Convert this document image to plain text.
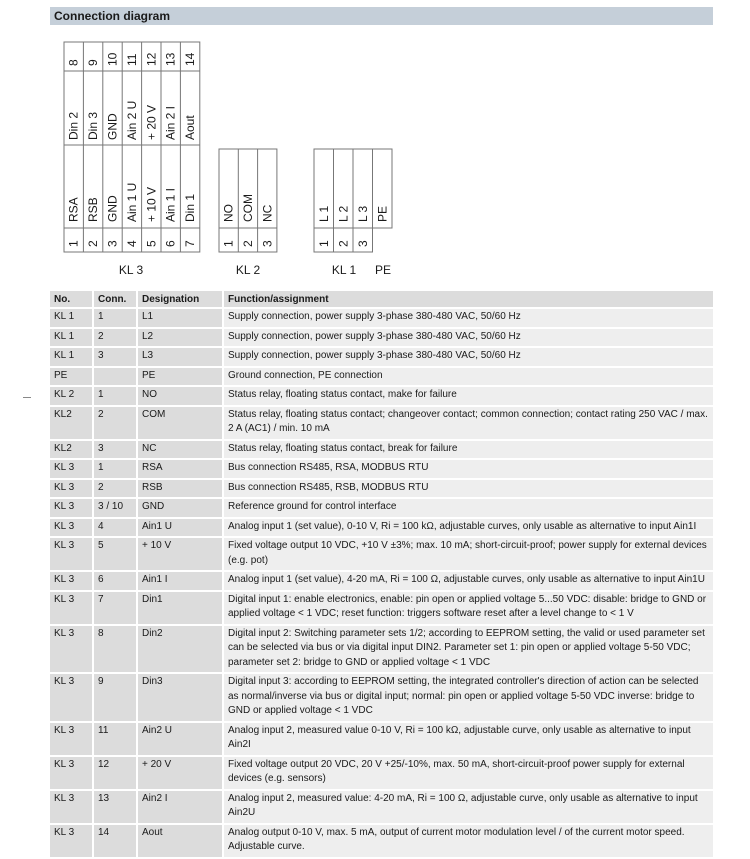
Connection diagram
8
Din 2
RSA
1
9
Din 3
RSB
2
10
GND
GND
3
11
Ain 2 U
Ain 1 U
4
12
+ 20 V
+ 10 V
5
13
Ain 2 I
Ain 1 I
6
14
Aout
Din 1
7
NO
1
COM
2
NC
3
L 1 L 2 L 3 PE
1 2 3
KL 3	KL 2	KL 1 PE
No.	Conn.	Designation	Function/assignment
KL 1	1	L1	Supply connection, power supply 3-phase 380-480 VAC, 50/60 Hz
KL 1	2	L2	Supply connection, power supply 3-phase 380-480 VAC, 50/60 Hz
KL 1	3	L3	Supply connection, power supply 3-phase 380-480 VAC, 50/60 Hz
PE		PE	Ground connection, PE connection
KL 2	1	NO	Status relay, floating status contact, make for failure
KL2	2	COM	Status relay, floating status contact; changeover contact; common connection; contact rating 250 VAC / max. 2 A (AC1) / min. 10 mA
KL2	3	NC	Status relay, floating status contact, break for failure
KL 3	1	RSA	Bus connection RS485, RSA, MODBUS RTU
KL 3	2	RSB	Bus connection RS485, RSB, MODBUS RTU
KL 3	3 / 10	GND	Reference ground for control interface
KL 3	4	Ain1 U	Analog input 1 (set value), 0-10 V, Ri = 100 kΩ, adjustable curves, only usable as alternative to input Ain1I
KL 3	5	+ 10 V	Fixed voltage output 10 VDC, +10 V ±3%; max. 10 mA; short-circuit-proof; power supply for external devices (e.g. pot)
KL 3	6	Ain1 I	Analog input 1 (set value), 4-20 mA, Ri = 100 Ω, adjustable curves, only usable as alternative to input Ain1U
KL 3	7	Din1	Digital input 1: enable electronics, enable: pin open or applied voltage 5...50 VDC: disable: bridge to GND or applied voltage < 1 VDC; reset function: triggers software reset after a level change to < 1 V
KL 3	8	Din2	Digital input 2: Switching parameter sets 1/2; according to EEPROM setting, the valid or used parameter set can be selected via bus or via digital input DIN2. Parameter set 1: pin open or applied voltage 5-50 VDC; parameter set 2: bridge to GND or applied voltage < 1 VDC
KL 3	9	Din3	Digital input 3: according to EEPROM setting, the integrated controller's direction of action can be selected as normal/inverse via bus or digital input; normal: pin open or applied voltage 5-50 VDC inverse: bridge to GND or applied voltage < 1 VDC
KL 3	11	Ain2 U	Analog input 2, measured value 0-10 V, Ri = 100 kΩ, adjustable curve, only usable as alternative to input Ain2I
KL 3	12	+ 20 V	Fixed voltage output 20 VDC, 20 V +25/-10%, max. 50 mA, short-circuit-proof power supply for external devices (e.g. sensors)
KL 3	13	Ain2 I	Analog input 2, measured value: 4-20 mA, Ri = 100 Ω, adjustable curve, only usable as alternative to input Ain2U
KL 3	14	Aout	Analog output 0-10 V, max. 5 mA, output of current motor modulation level / of the current motor speed. Adjustable curve.
